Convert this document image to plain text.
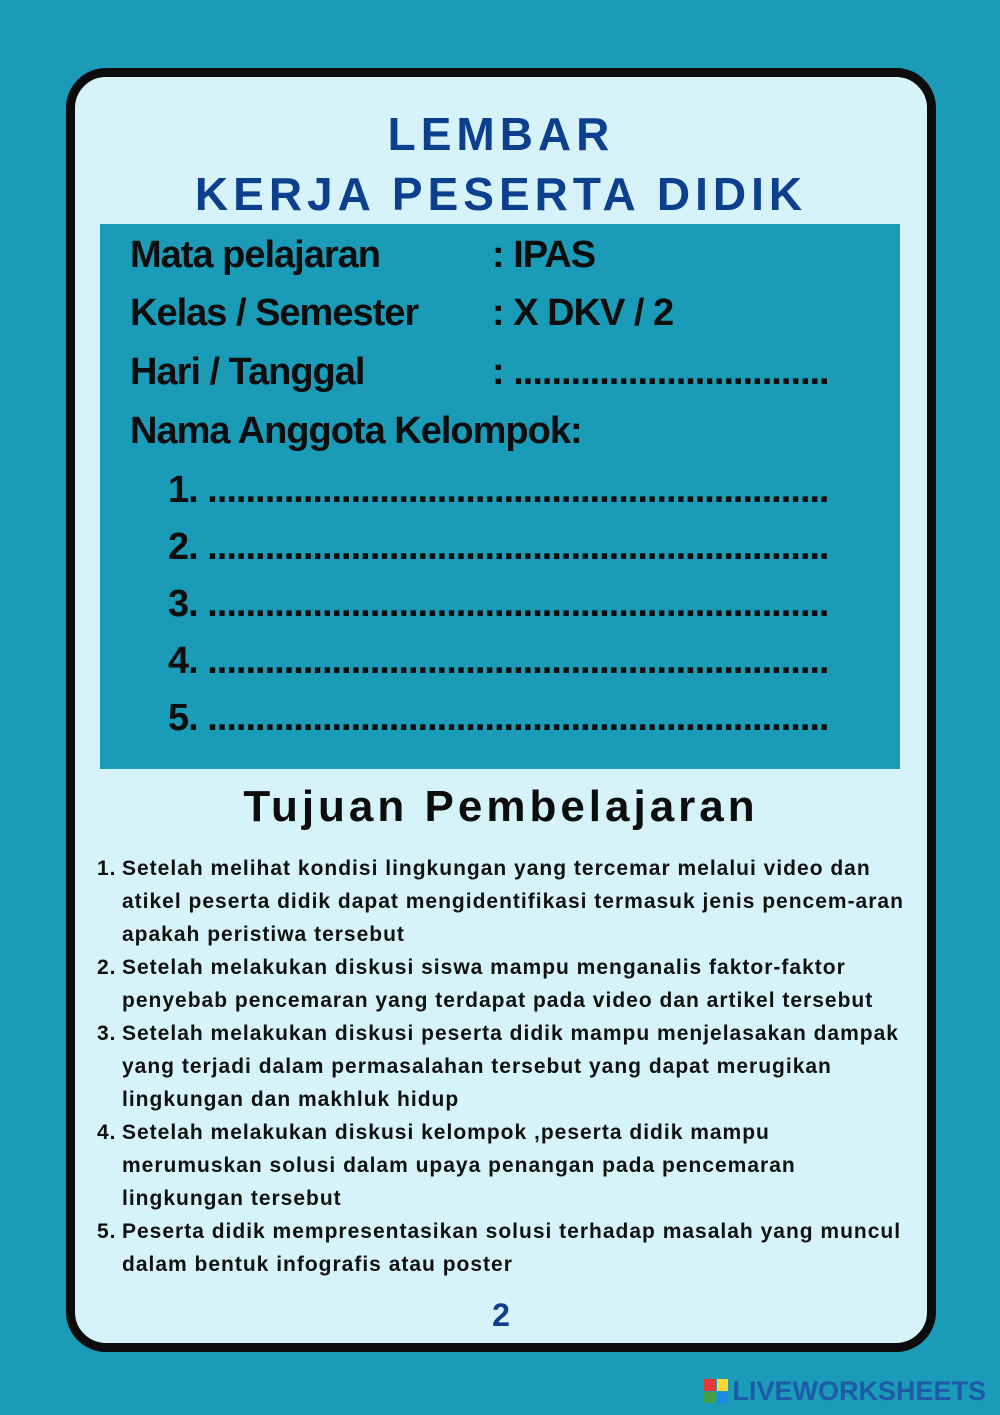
LEMBAR
KERJA PESERTA DIDIK
Mata pelajaran	: IPAS
Kelas / Semester : X DKV / 2
Hari / Tanggal	: .................................
Nama Anggota Kelompok:
1. .................................................................
2. .................................................................
3. .................................................................
4. .................................................................
5. .................................................................
Tujuan Pembelajaran
1. Setelah melihat kondisi lingkungan yang tercemar melalui video dan atikel peserta didik dapat mengidentifikasi termasuk jenis pencem-aran apakah peristiwa tersebut
2. Setelah melakukan diskusi siswa mampu menganalis faktor-faktor penyebab pencemaran yang terdapat pada video dan artikel tersebut
3. Setelah melakukan diskusi peserta didik mampu menjelasakan dampak yang terjadi dalam permasalahan tersebut yang dapat merugikan lingkungan dan makhluk hidup
4. Setelah melakukan diskusi kelompok ,peserta didik mampu merumuskan solusi dalam upaya penangan pada pencemaran lingkungan tersebut
5. Peserta didik mempresentasikan solusi terhadap masalah yang muncul dalam bentuk infografis atau poster
2
LIVEWORKSHEETS
